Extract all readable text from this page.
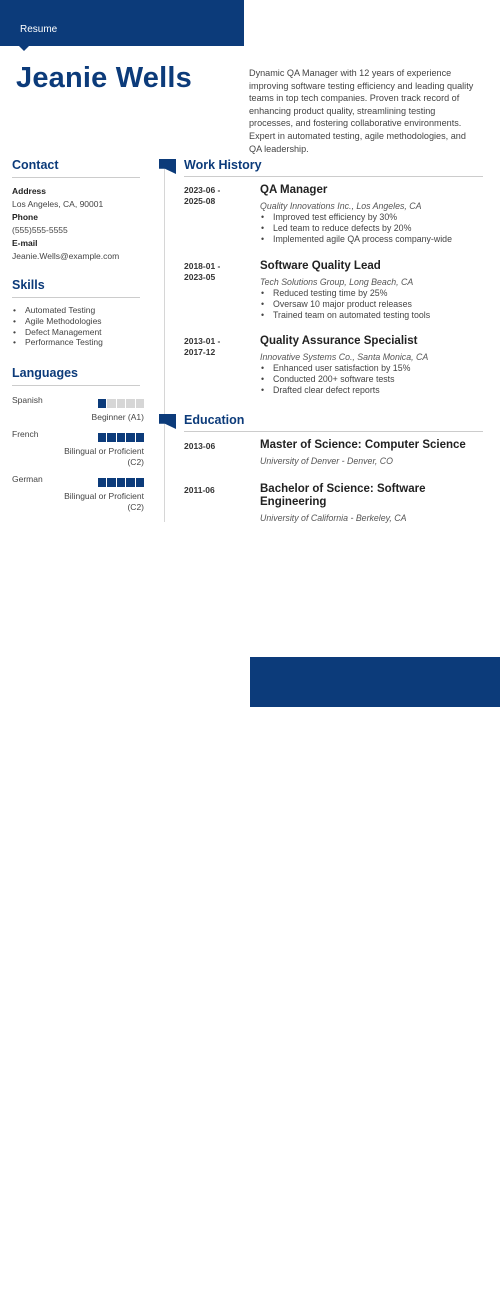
Resume
Jeanie Wells	Dynamic QA Manager with 12 years of experience improving software testing efficiency and leading quality teams in top tech companies. Proven track record of enhancing product quality, streamlining testing processes, and fostering collaborative environments. Expert in automated testing, agile methodologies, and QA leadership.
Contact
Address
Los Angeles, CA, 90001
Phone
(555)555-5555
E-mail
Jeanie.Wells@example.com
Skills
• Automated Testing
• Agile Methodologies
• Defect Management
• Performance Testing
Languages
Spanish
Beginner (A1)
French
Bilingual or Proficient (C2)
German
Bilingual or Proficient (C2)
Work History
2023-06 - 2025-08
QA Manager
Quality Innovations Inc., Los Angeles, CA
• Improved test efficiency by 30%
• Led team to reduce defects by 20%
• Implemented agile QA process company-wide
2018-01 - 2023-05
Software Quality Lead
Tech Solutions Group, Long Beach, CA
• Reduced testing time by 25%
• Oversaw 10 major product releases
• Trained team on automated testing tools
2013-01 - 2017-12
Quality Assurance Specialist
Innovative Systems Co., Santa Monica, CA
• Enhanced user satisfaction by 15%
• Conducted 200+ software tests
• Drafted clear defect reports
Education
2013-06	Master of Science: Computer Science
University of Denver - Denver, CO
2011-06	Bachelor of Science: Software Engineering
University of California - Berkeley, CA
